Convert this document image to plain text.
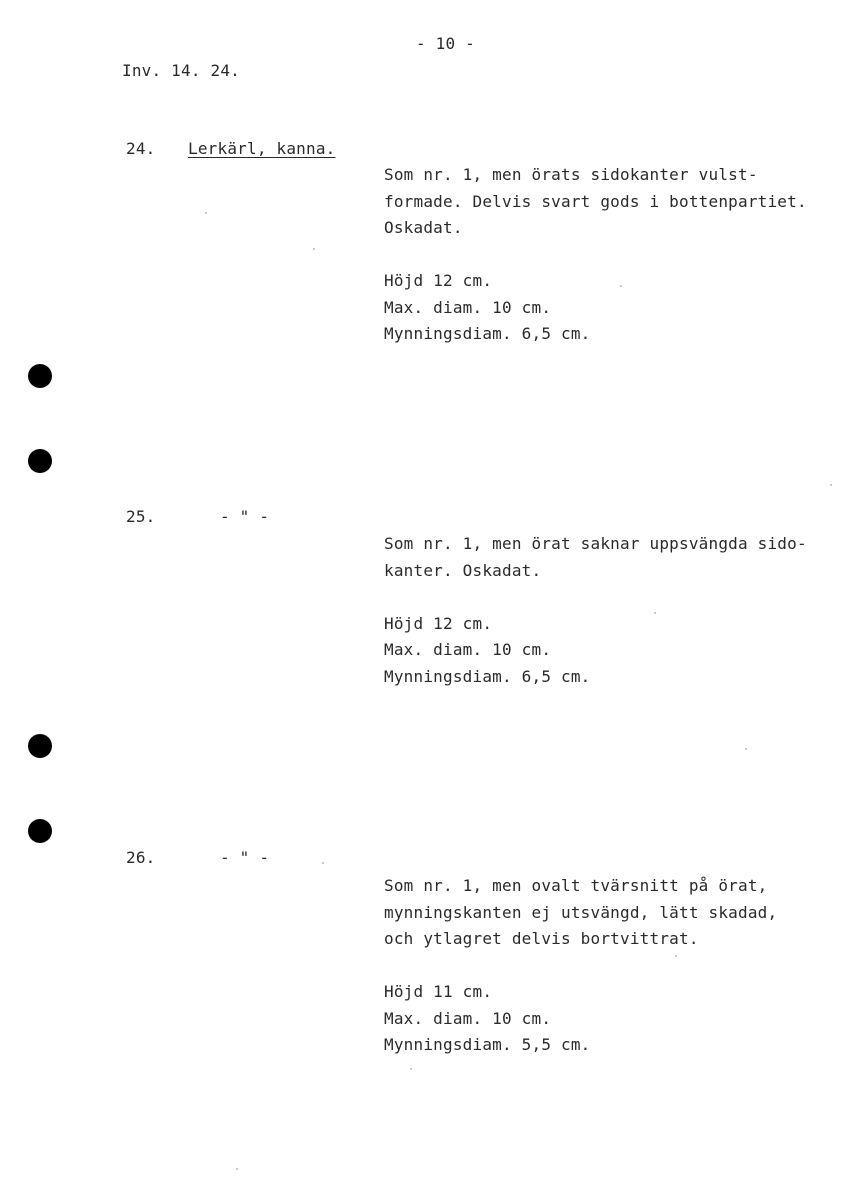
- 10 -
Inv. 14. 24.
24. Lerkärl, kanna.
Som nr. 1, men örats sidokanter vulst-
formade. Delvis svart gods i bottenpartiet.
Oskadat.
Höjd 12 cm.
Max. diam. 10 cm.
Mynningsdiam. 6,5 cm.
25.	- " -
Som nr. 1, men örat saknar uppsvängda sido-
kanter. Oskadat.
Höjd 12 cm.
Max. diam. 10 cm.
Mynningsdiam. 6,5 cm.
26.	- " -
Som nr. 1, men ovalt tvärsnitt på örat,
mynningskanten ej utsvängd, lätt skadad,
och ytlagret delvis bortvittrat.
Höjd 11 cm.
Max. diam. 10 cm.
Mynningsdiam. 5,5 cm.
